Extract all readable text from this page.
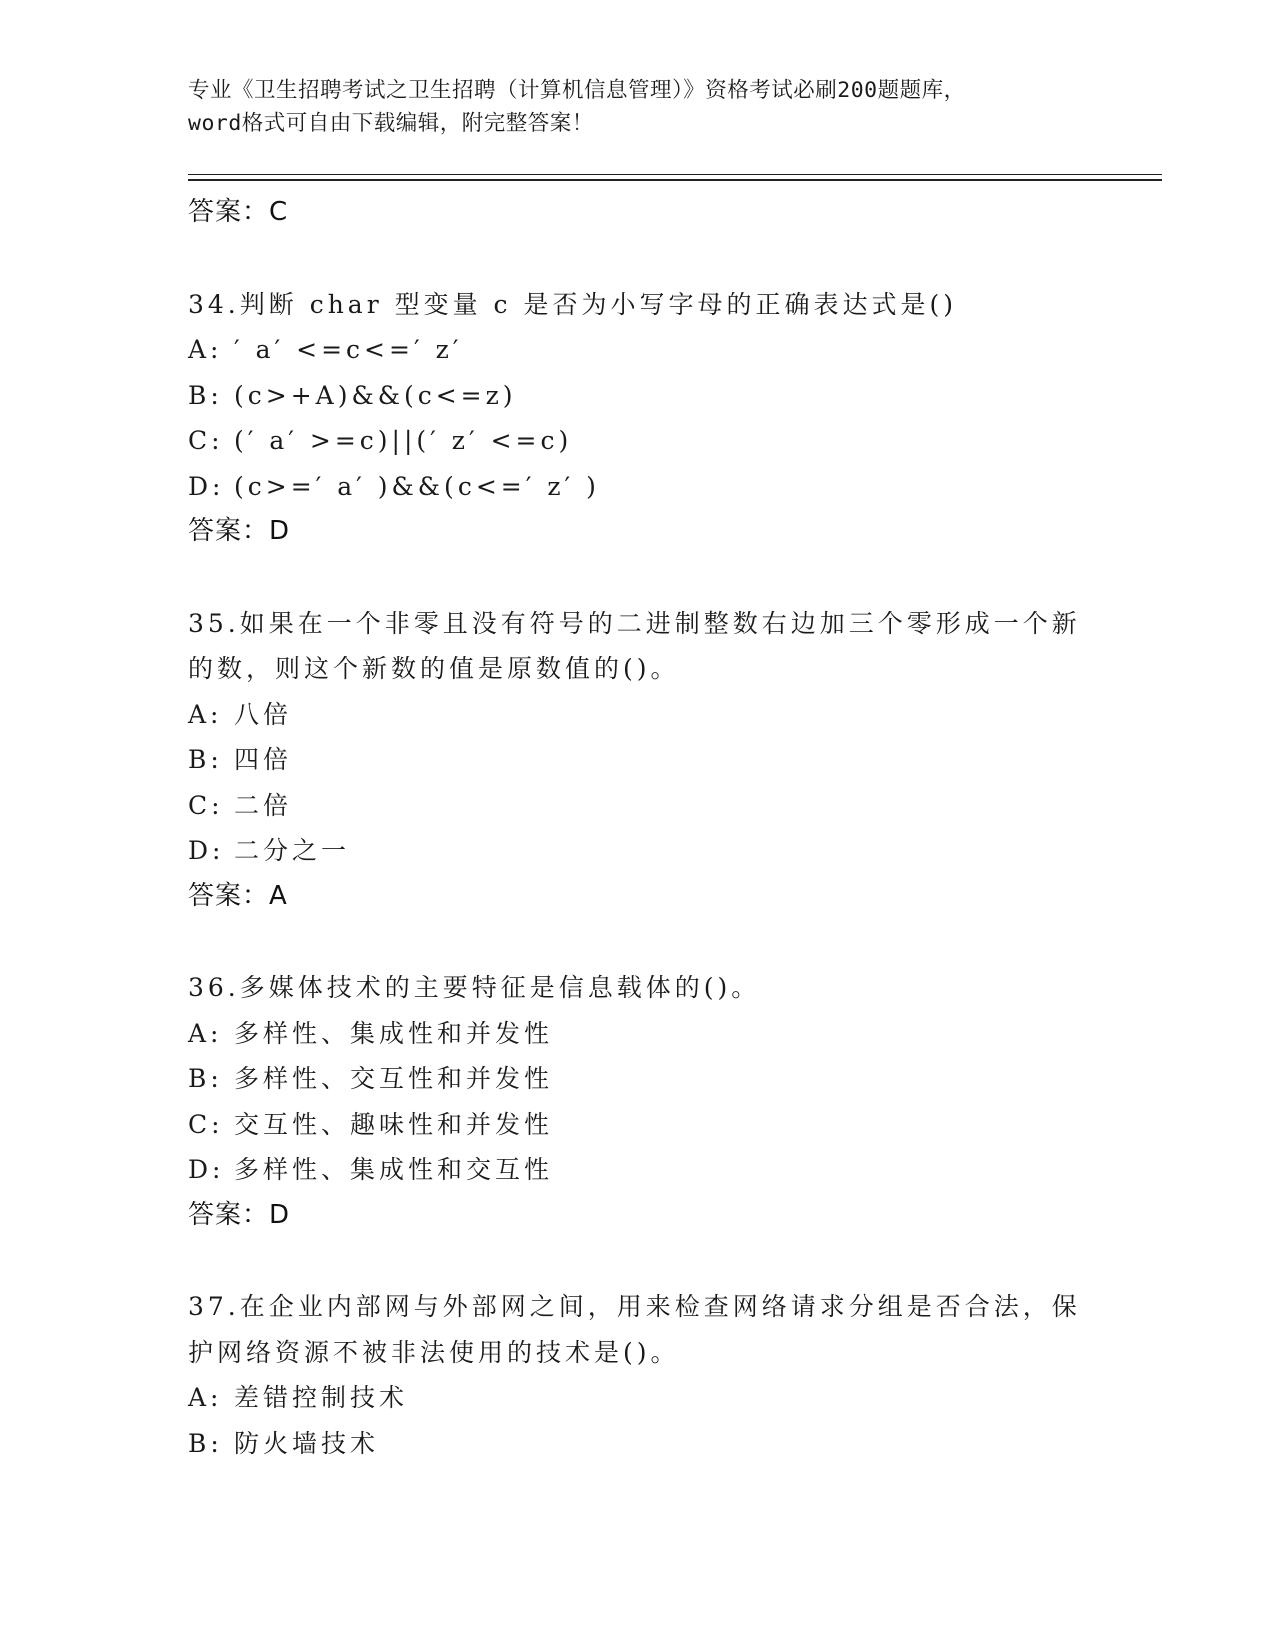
专业《卫生招聘考试之卫生招聘（计算机信息管理）》资格考试必刷200题题库，
word格式可自由下载编辑，附完整答案！
答案：C
34.判断 char 型变量 c 是否为小写字母的正确表达式是()
A: ′ a′ <=c<=′ z′
B: (c>+A)&&(c<=z)
C: (′ a′ >=c)||(′ z′ <=c)
D: (c>=′ a′ )&&(c<=′ z′ )
答案：D
35.如果在一个非零且没有符号的二进制整数右边加三个零形成一个新
的数，则这个新数的值是原数值的()。
A: 八倍
B: 四倍
C: 二倍
D: 二分之一
答案：A
36.多媒体技术的主要特征是信息载体的()。
A: 多样性、集成性和并发性
B: 多样性、交互性和并发性
C: 交互性、趣味性和并发性
D: 多样性、集成性和交互性
答案：D
37.在企业内部网与外部网之间，用来检查网络请求分组是否合法，保
护网络资源不被非法使用的技术是()。
A: 差错控制技术
B: 防火墙技术
